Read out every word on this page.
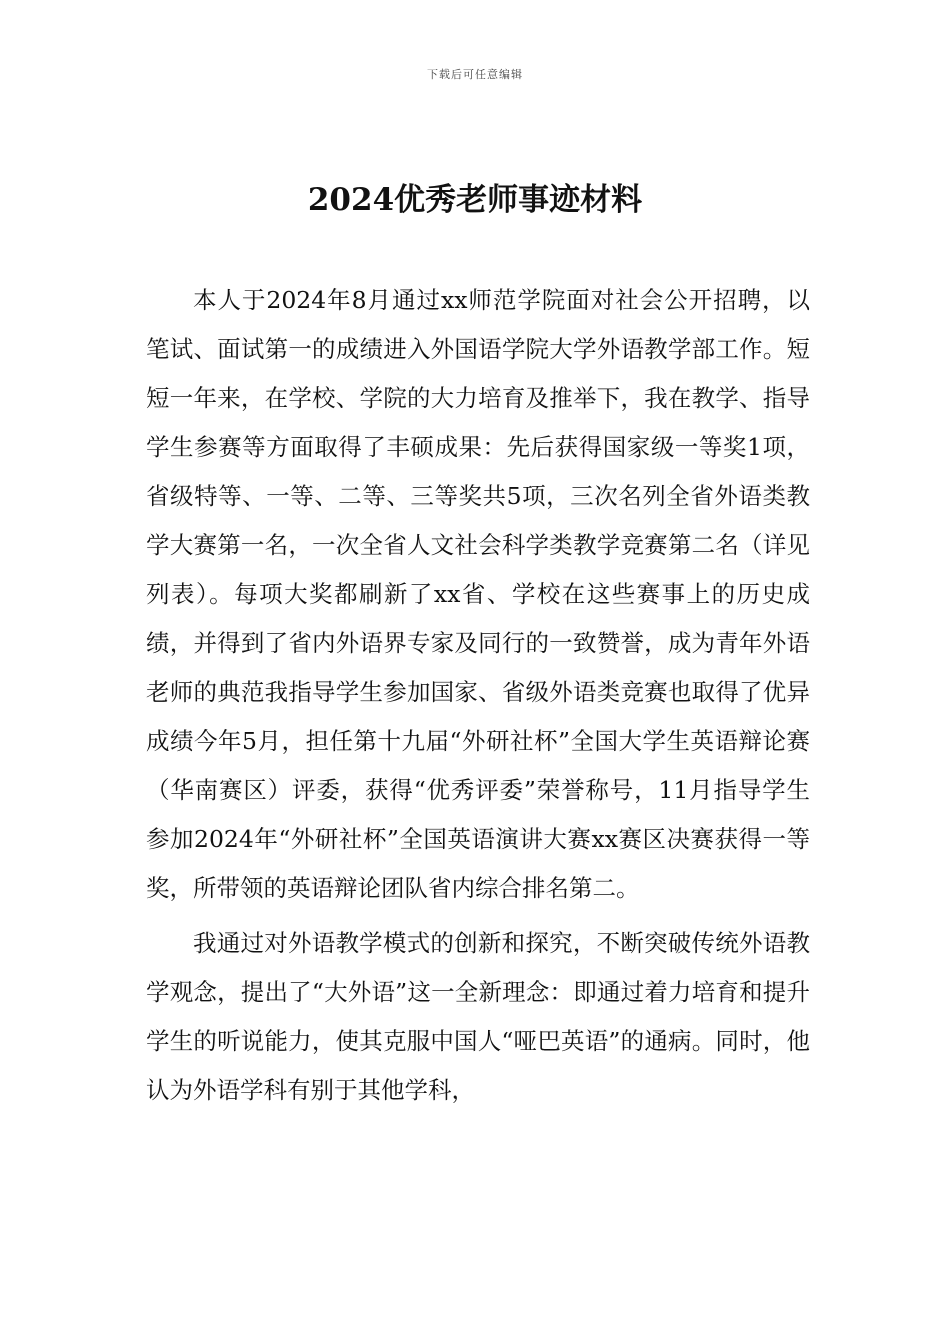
下载后可任意编辑
2024优秀老师事迹材料

本人于2024年8月通过xx师范学院面对社会公开招聘，以笔试、面试第一的成绩进入外国语学院大学外语教学部工作。短短一年来，在学校、学院的大力培育及推举下，我在教学、指导学生参赛等方面取得了丰硕成果：先后获得国家级一等奖1项，省级特等、一等、二等、三等奖共5项，三次名列全省外语类教学大赛第一名，一次全省人文社会科学类教学竞赛第二名（详见列表）。每项大奖都刷新了xx省、学校在这些赛事上的历史成绩，并得到了省内外语界专家及同行的一致赞誉，成为青年外语老师的典范我指导学生参加国家、省级外语类竞赛也取得了优异成绩今年5月，担任第十九届“外研社杯”全国大学生英语辩论赛（华南赛区）评委，获得“优秀评委”荣誉称号，11月指导学生参加2024年“外研社杯”全国英语演讲大赛xx赛区决赛获得一等奖，所带领的英语辩论团队省内综合排名第二。

我通过对外语教学模式的创新和探究，不断突破传统外语教学观念，提出了“大外语”这一全新理念：即通过着力培育和提升学生的听说能力，使其克服中国人“哑巴英语”的通病。同时，他认为外语学科有别于其他学科，
